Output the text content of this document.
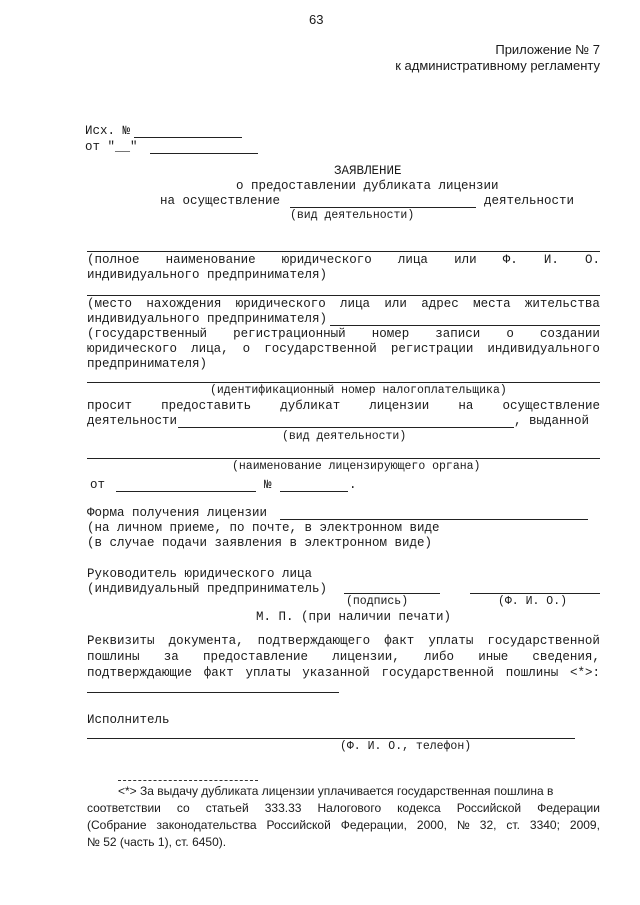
63
Приложение № 7
к административному регламенту
Исх. №
от "__"
ЗАЯВЛЕНИЕ
о предоставлении дубликата лицензии
на осуществление	деятельности
(вид деятельности)
(полное наименование юридического лица или Ф. И. О.
индивидуального предпринимателя)
(место нахождения юридического лица или адрес места жительства
индивидуального предпринимателя)
(государственный регистрационный номер записи о создании
юридического лица, о государственной регистрации индивидуального
предпринимателя)
(идентификационный номер налогоплательщика)
просит предоставить дубликат лицензии на осуществление
деятельности	, выданной
(вид деятельности)
(наименование лицензирующего органа)
от	№	.
Форма получения лицензии
(на личном приеме, по почте, в электронном виде
(в случае подачи заявления в электронном виде)
Руководитель юридического лица
(индивидуальный предприниматель)
(подпись)	(Ф. И. О.)
М. П. (при наличии печати)
Реквизиты документа, подтверждающего факт уплаты государственной
пошлины за предоставление лицензии, либо иные сведения,
подтверждающие факт уплаты указанной государственной пошлины <*>:
Исполнитель
(Ф. И. О., телефон)
<*> За выдачу дубликата лицензии уплачивается государственная пошлина в
соответствии со статьей 333.33 Налогового кодекса Российской Федерации
(Собрание законодательства Российской Федерации, 2000, № 32, ст. 3340; 2009,
№ 52 (часть 1), ст. 6450).
